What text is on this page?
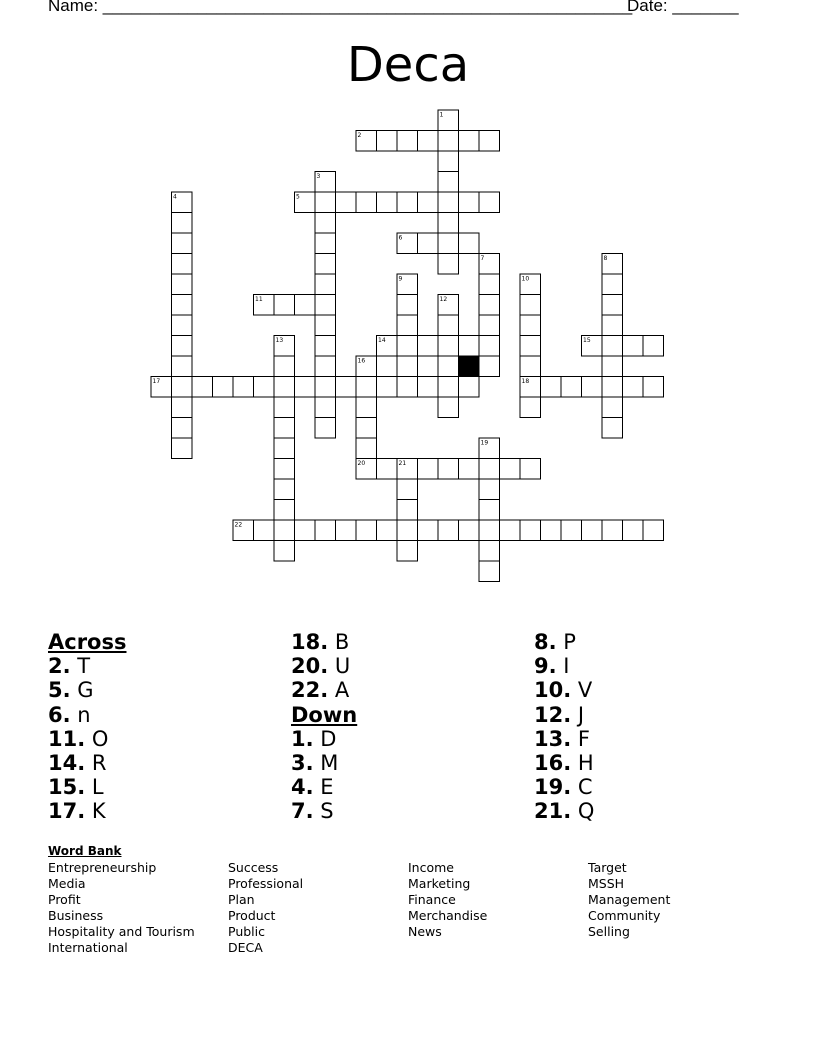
Name: ________________________________________________________
Date: _______
Deca
1
2
3
4	5
6
7	8
9	10
11	12
13	14	15
16
17	18
19
20	21
22
Across
2. T
5. G
6. n
11. O
14. R
15. L
17. K
18. B
20. U
22. A
Down
1. D
3. M
4. E
7. S
8. P
9. I
10. V
12. J
13. F
16. H
19. C
21. Q
Word Bank
Entrepreneurship
Media
Profit
Business
Hospitality and Tourism
International
Success
Professional
Plan
Product
Public
DECA
Income
Marketing
Finance
Merchandise
News
Target
MSSH
Management
Community
Selling
